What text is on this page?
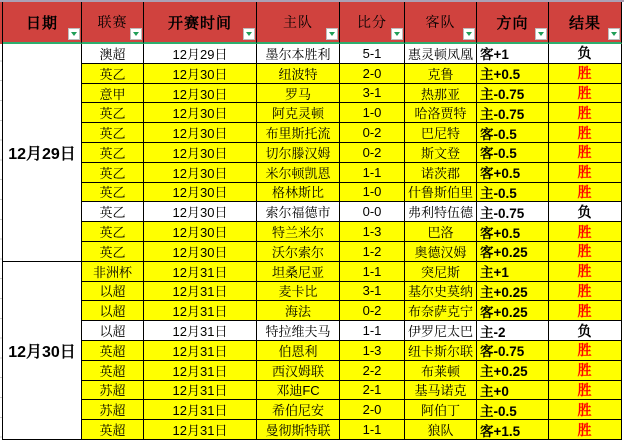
日期	联赛	开赛时间	主队	比分	客队	方向	结果
12月29日
12月30日
澳超	12月29日	墨尔本胜利	5-1	惠灵顿凤凰 客+1	负
英乙	12月30日	纽波特	2-0	克鲁	主+0.5	胜
意甲	12月30日	罗马	3-1	热那亚	主-0.75	胜
英乙	12月30日	阿克灵顿	1-0	哈洛贾特	主-0.75	胜
英乙	12月30日	布里斯托流	0-2	巴尼特	客-0.5	胜
英乙	12月30日	切尔滕汉姆	0-2	斯文登	客-0.5	胜
英乙	12月30日	米尔顿凯恩	1-1	诺茨郡	客+0.5	胜
英乙	12月30日	格林斯比	1-0	什鲁斯伯里 主-0.5	胜
英乙	12月30日	索尔福德市	0-0	弗利特伍德 主-0.75	负
英乙	12月30日	特兰米尔	1-3	巴洛	客+0.5	胜
英乙	12月30日	沃尔索尔	1-2	奥德汉姆	客+0.25	胜
非洲杯	12月31日	坦桑尼亚	1-1	突尼斯	主+1	胜
以超	12月31日	麦卡比	3-1	基尔史莫纳 主+0.25	胜
以超	12月31日	海法	0-2	布奈萨克宁 客+0.25	胜
以超	12月31日	特拉维夫马	1-1	伊罗尼太巴 主-2	负
英超	12月31日	伯恩利	1-3	纽卡斯尔联 客-0.75	胜
英超	12月31日	西汉姆联	2-2	布莱顿	主+0.25	胜
苏超	12月31日	邓迪FC	2-1	基马诺克	主+0	胜
苏超	12月31日	希伯尼安	2-0	阿伯丁	主-0.5	胜
英超	12月31日	曼彻斯特联	1-1	狼队	客+1.5	胜
